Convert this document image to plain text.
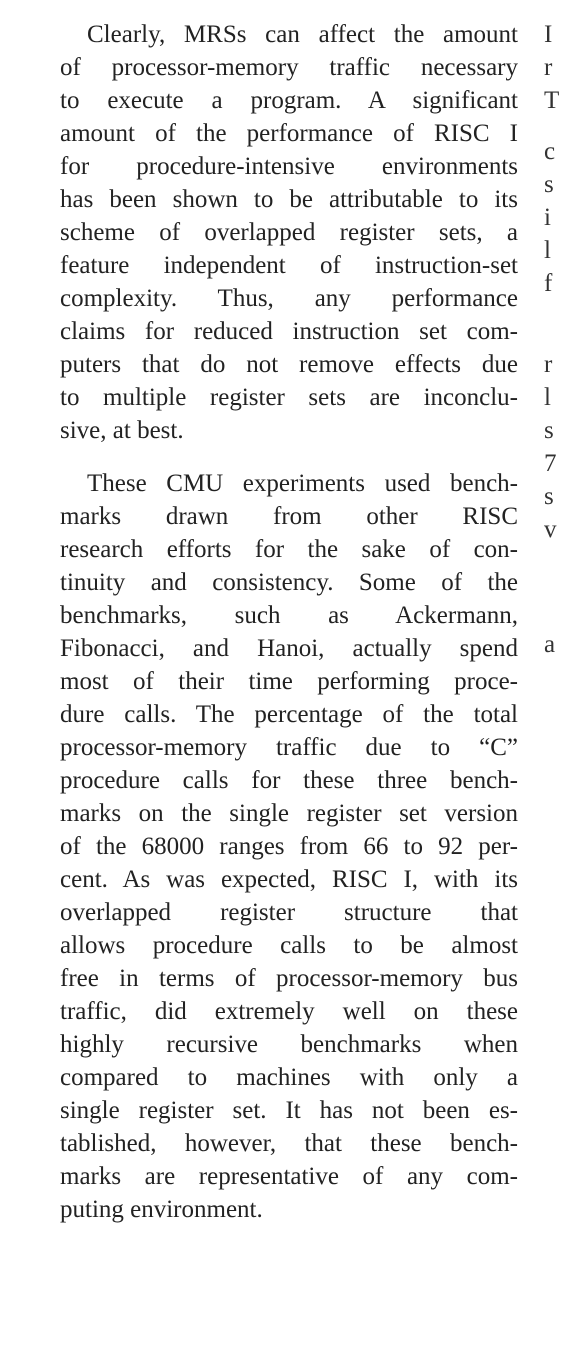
Clearly, MRSs can affect the amount
of processor-memory traffic necessary
to execute a program. A significant
amount of the performance of RISC I
for procedure-intensive environments
has been shown to be attributable to its
scheme of overlapped register sets, a
feature independent of instruction-set
complexity. Thus, any performance
claims for reduced instruction set com-
puters that do not remove effects due
to multiple register sets are inconclu-
sive, at best.

These CMU experiments used bench-
marks drawn from other RISC
research efforts for the sake of con-
tinuity and consistency. Some of the
benchmarks, such as Ackermann,
Fibonacci, and Hanoi, actually spend
most of their time performing proce-
dure calls. The percentage of the total
processor-memory traffic due to “C”
procedure calls for these three bench-
marks on the single register set version
of the 68000 ranges from 66 to 92 per-
cent. As was expected, RISC I, with its
overlapped register structure that
allows procedure calls to be almost
free in terms of processor-memory bus
traffic, did extremely well on these
highly recursive benchmarks when
compared to machines with only a
single register set. It has not been es-
tablished, however, that these bench-
marks are representative of any com-
puting environment.

I
r
T
c
s
i
l
f
r
l
s
7
s
v
a
